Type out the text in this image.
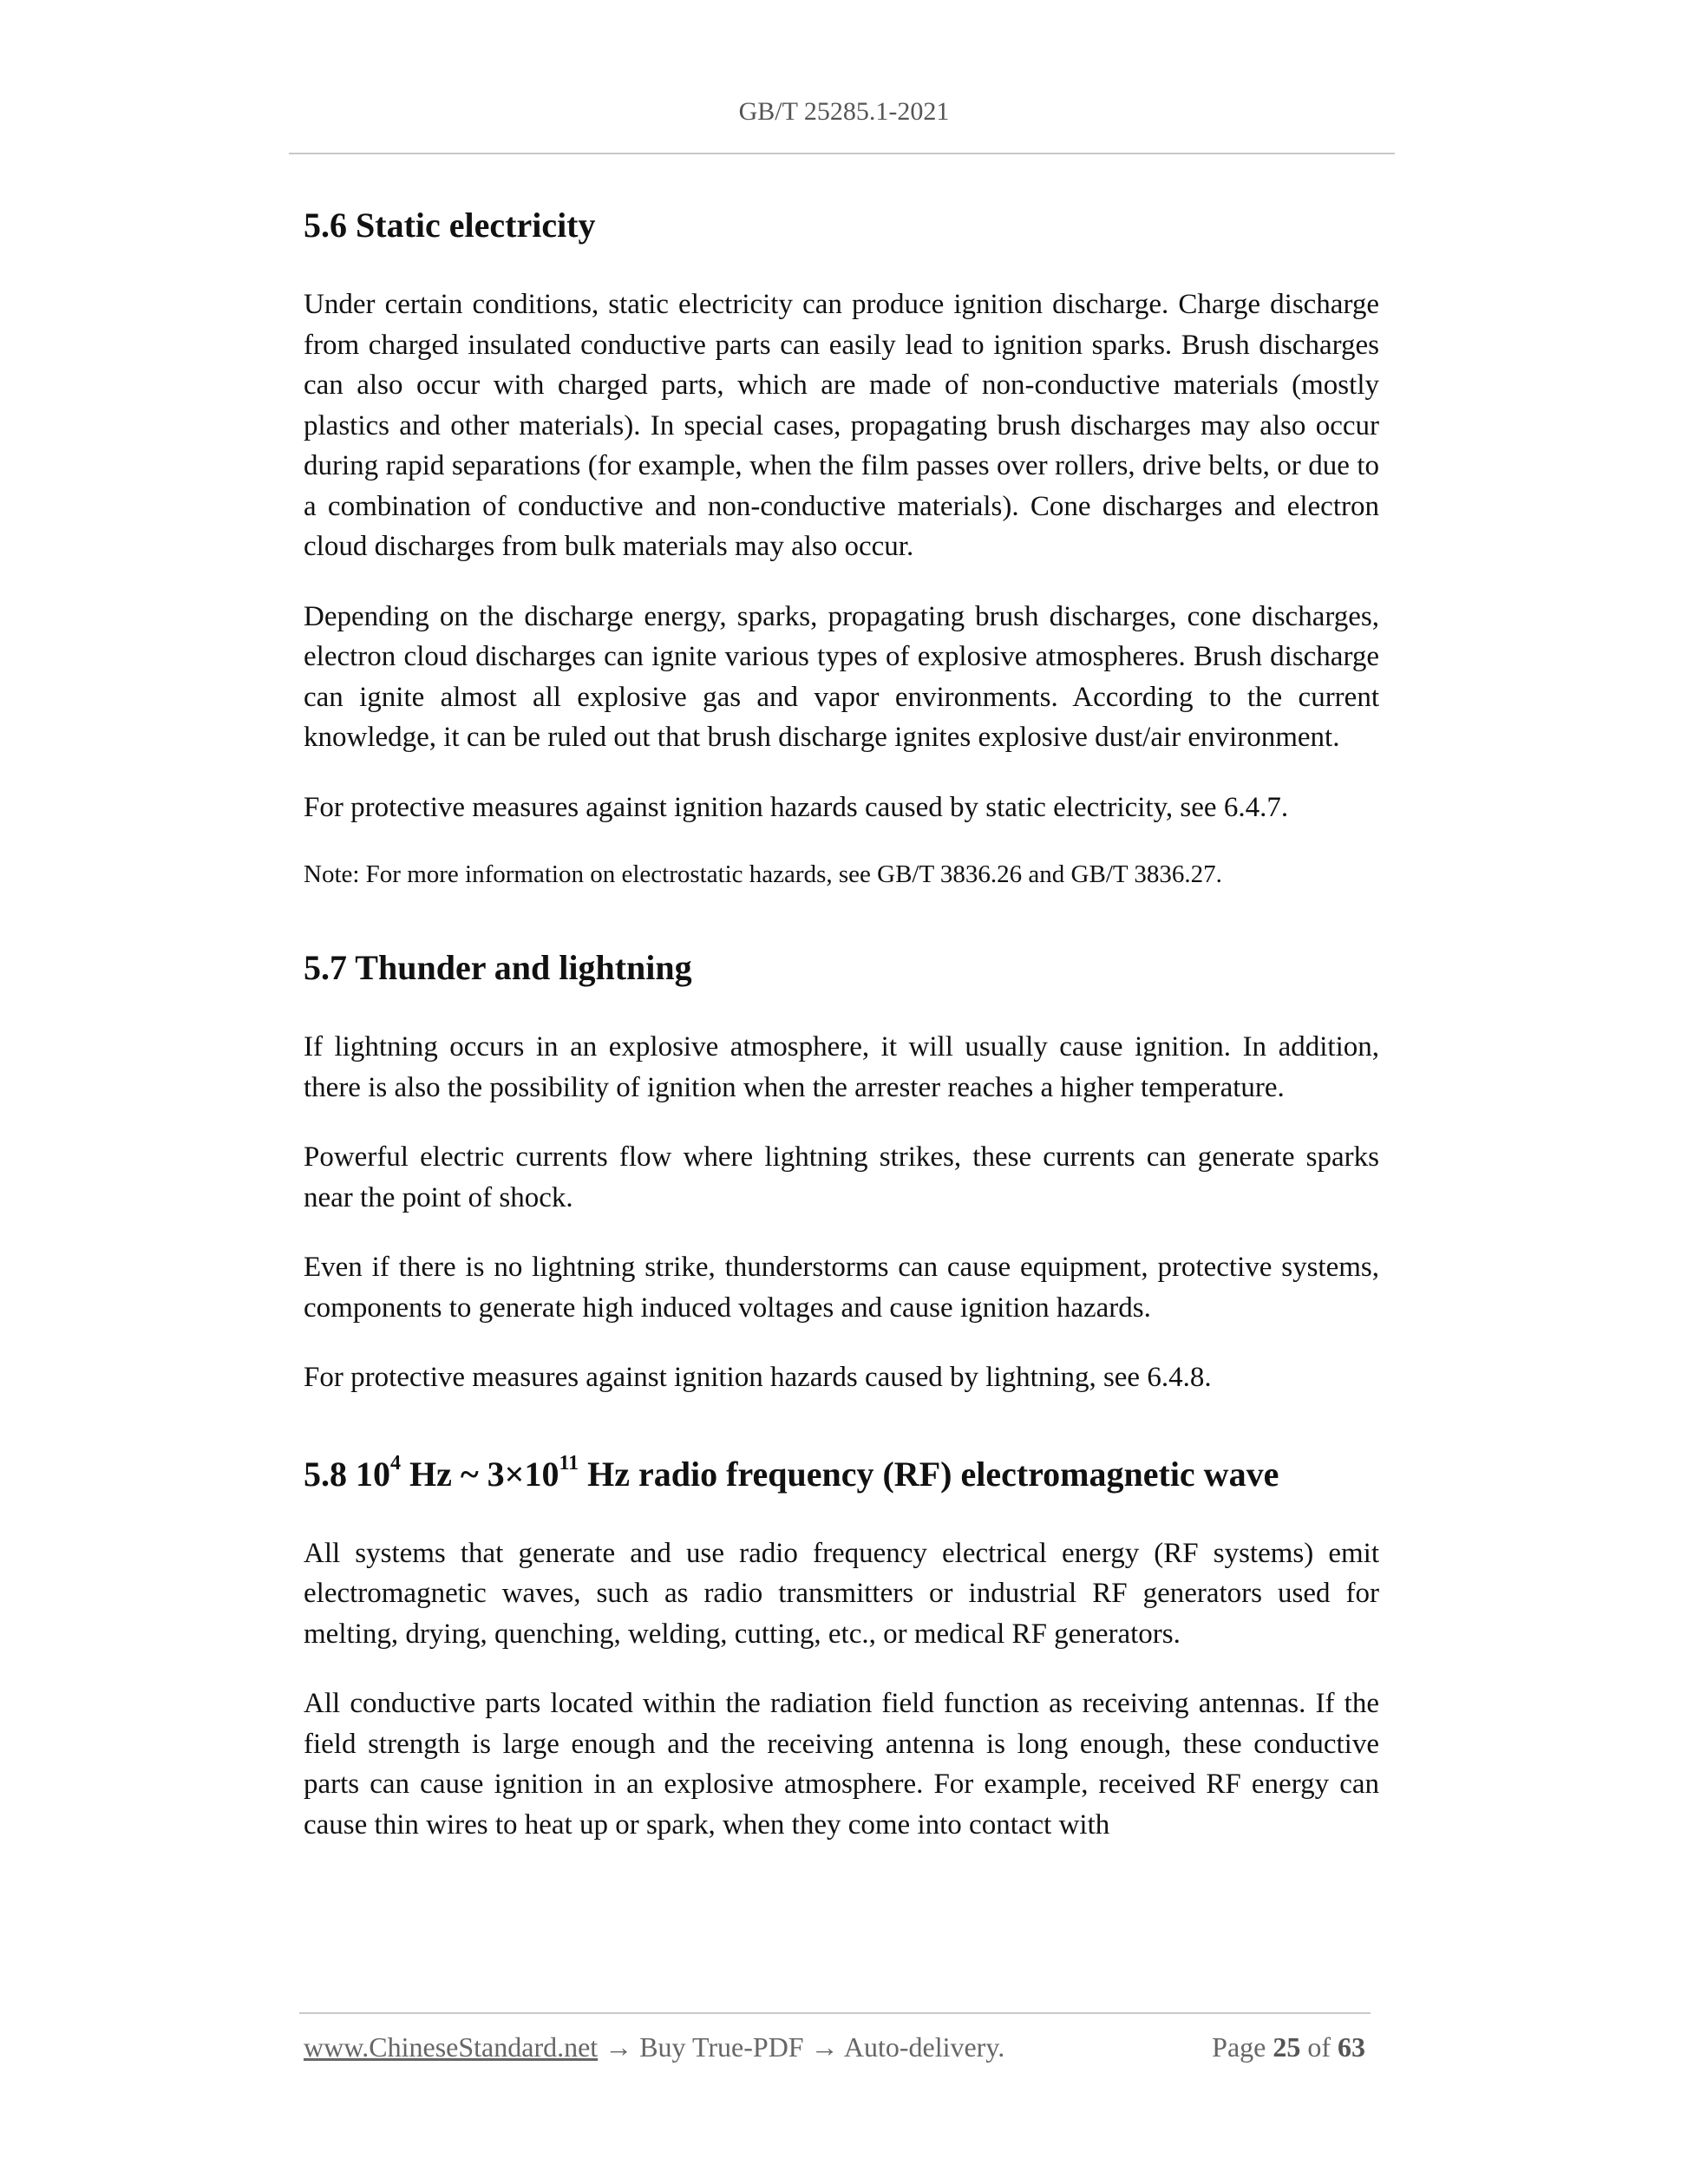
GB/T 25285.1-2021
5.6 Static electricity

Under certain conditions, static electricity can produce ignition discharge. Charge discharge from charged insulated conductive parts can easily lead to ignition sparks. Brush discharges can also occur with charged parts, which are made of non-conductive materials (mostly plastics and other materials). In special cases, propagating brush discharges may also occur during rapid separations (for example, when the film passes over rollers, drive belts, or due to a combination of conductive and non-conductive materials). Cone discharges and electron cloud discharges from bulk materials may also occur.

Depending on the discharge energy, sparks, propagating brush discharges, cone discharges, electron cloud discharges can ignite various types of explosive atmospheres. Brush discharge can ignite almost all explosive gas and vapor environments. According to the current knowledge, it can be ruled out that brush discharge ignites explosive dust/air environment.

For protective measures against ignition hazards caused by static electricity, see 6.4.7.

Note: For more information on electrostatic hazards, see GB/T 3836.26 and GB/T 3836.27.

5.7 Thunder and lightning

If lightning occurs in an explosive atmosphere, it will usually cause ignition. In addition, there is also the possibility of ignition when the arrester reaches a higher temperature.

Powerful electric currents flow where lightning strikes, these currents can generate sparks near the point of shock.

Even if there is no lightning strike, thunderstorms can cause equipment, protective systems, components to generate high induced voltages and cause ignition hazards.

For protective measures against ignition hazards caused by lightning, see 6.4.8.

5.8 $10^4$ Hz ~ $3\times 10^{11}$ Hz radio frequency (RF) electromagnetic wave

All systems that generate and use radio frequency electrical energy (RF systems) emit electromagnetic waves, such as radio transmitters or industrial RF generators used for melting, drying, quenching, welding, cutting, etc., or medical RF generators.

All conductive parts located within the radiation field function as receiving antennas. If the field strength is large enough and the receiving antenna is long enough, these conductive parts can cause ignition in an explosive atmosphere. For example, received RF energy can cause thin wires to heat up or spark, when they come into contact with

www.ChineseStandard.net → Buy True-PDF → Auto-delivery.	Page 25 of 63
